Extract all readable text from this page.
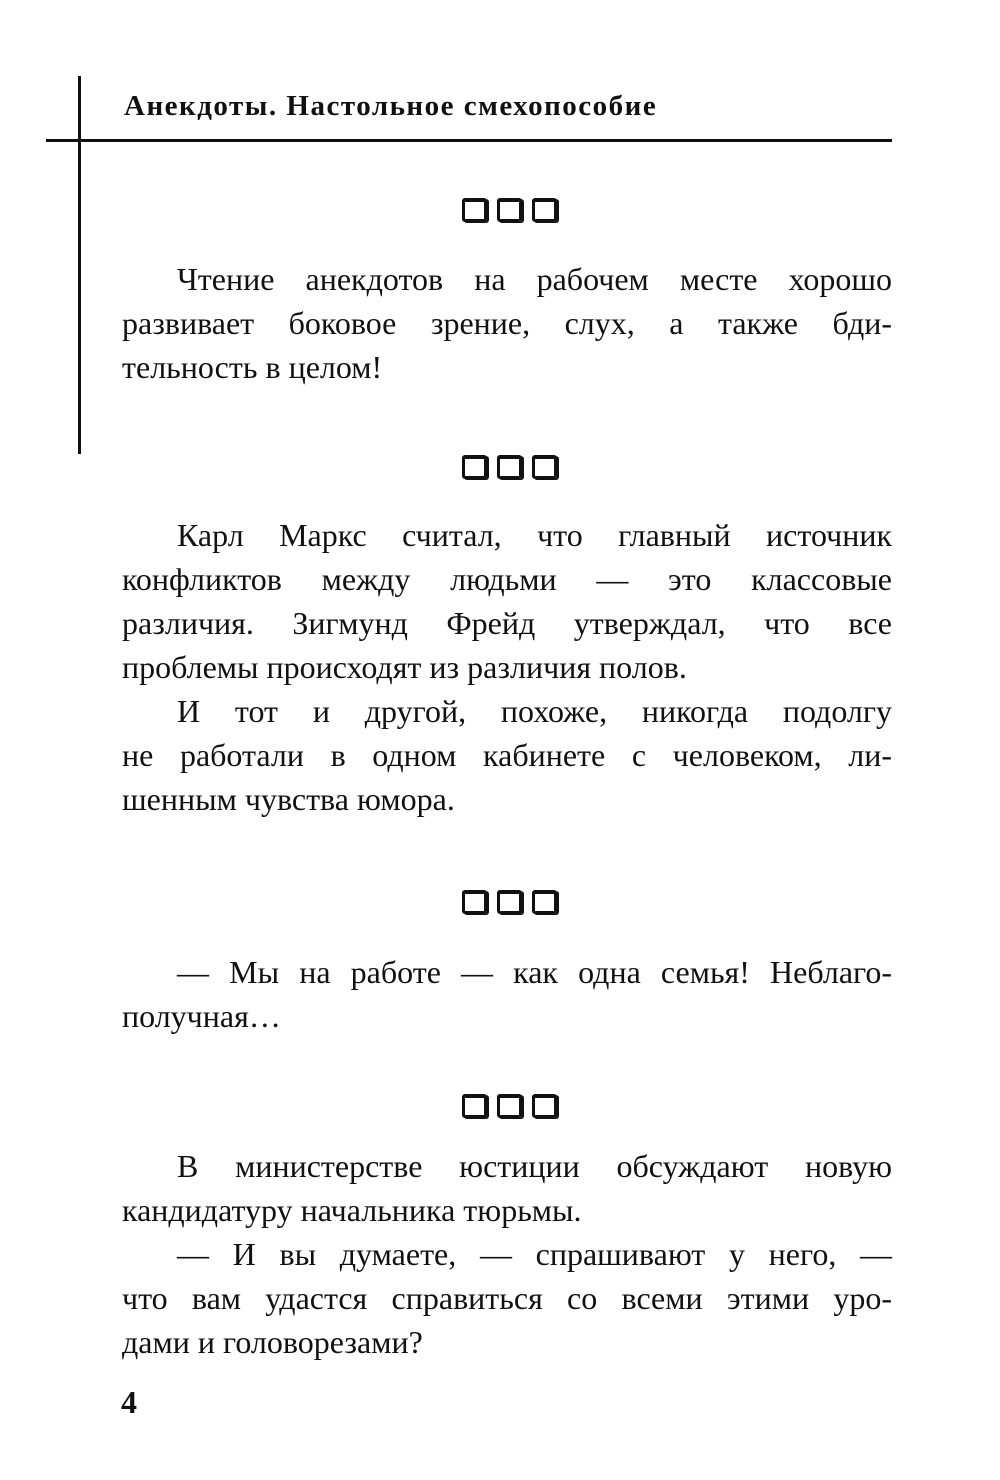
Анекдоты. Настольное смехопособие
Чтение анекдотов на рабочем месте хорошо
развивает боковое зрение, слух, а также бди-
тельность в целом!
Карл Маркс считал, что главный источник
конфликтов между людьми — это классовые
различия. Зигмунд Фрейд утверждал, что все
проблемы происходят из различия полов.
И тот и другой, похоже, никогда подолгу
не работали в одном кабинете с человеком, ли-
шенным чувства юмора.
— Мы на работе — как одна семья! Неблаго-
получная…
В министерстве юстиции обсуждают новую
кандидатуру начальника тюрьмы.
— И вы думаете, — спрашивают у него, —
что вам удастся справиться со всеми этими уро-
дами и головорезами?
4
